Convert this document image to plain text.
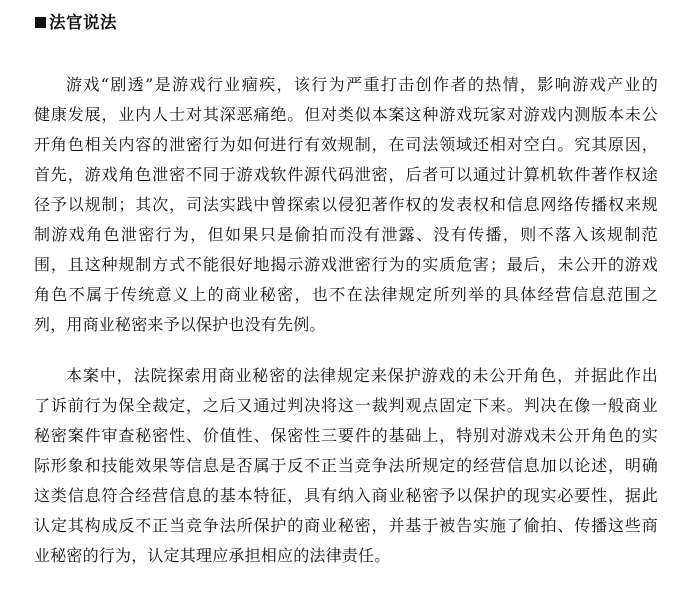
法官说法
游戏“剧透”是游戏行业痼疾，该行为严重打击创作者的热情，影响游戏产业的
健康发展，业内人士对其深恶痛绝。但对类似本案这种游戏玩家对游戏内测版本未公
开角色相关内容的泄密行为如何进行有效规制，在司法领域还相对空白。究其原因，
首先，游戏角色泄密不同于游戏软件源代码泄密，后者可以通过计算机软件著作权途
径予以规制；其次，司法实践中曾探索以侵犯著作权的发表权和信息网络传播权来规
制游戏角色泄密行为，但如果只是偷拍而没有泄露、没有传播，则不落入该规制范
围，且这种规制方式不能很好地揭示游戏泄密行为的实质危害；最后，未公开的游戏
角色不属于传统意义上的商业秘密，也不在法律规定所列举的具体经营信息范围之
列，用商业秘密来予以保护也没有先例。
本案中，法院探索用商业秘密的法律规定来保护游戏的未公开角色，并据此作出
了诉前行为保全裁定，之后又通过判决将这一裁判观点固定下来。判决在像一般商业
秘密案件审查秘密性、价值性、保密性三要件的基础上，特别对游戏未公开角色的实
际形象和技能效果等信息是否属于反不正当竞争法所规定的经营信息加以论述，明确
这类信息符合经营信息的基本特征，具有纳入商业秘密予以保护的现实必要性，据此
认定其构成反不正当竞争法所保护的商业秘密，并基于被告实施了偷拍、传播这些商
业秘密的行为，认定其理应承担相应的法律责任。
